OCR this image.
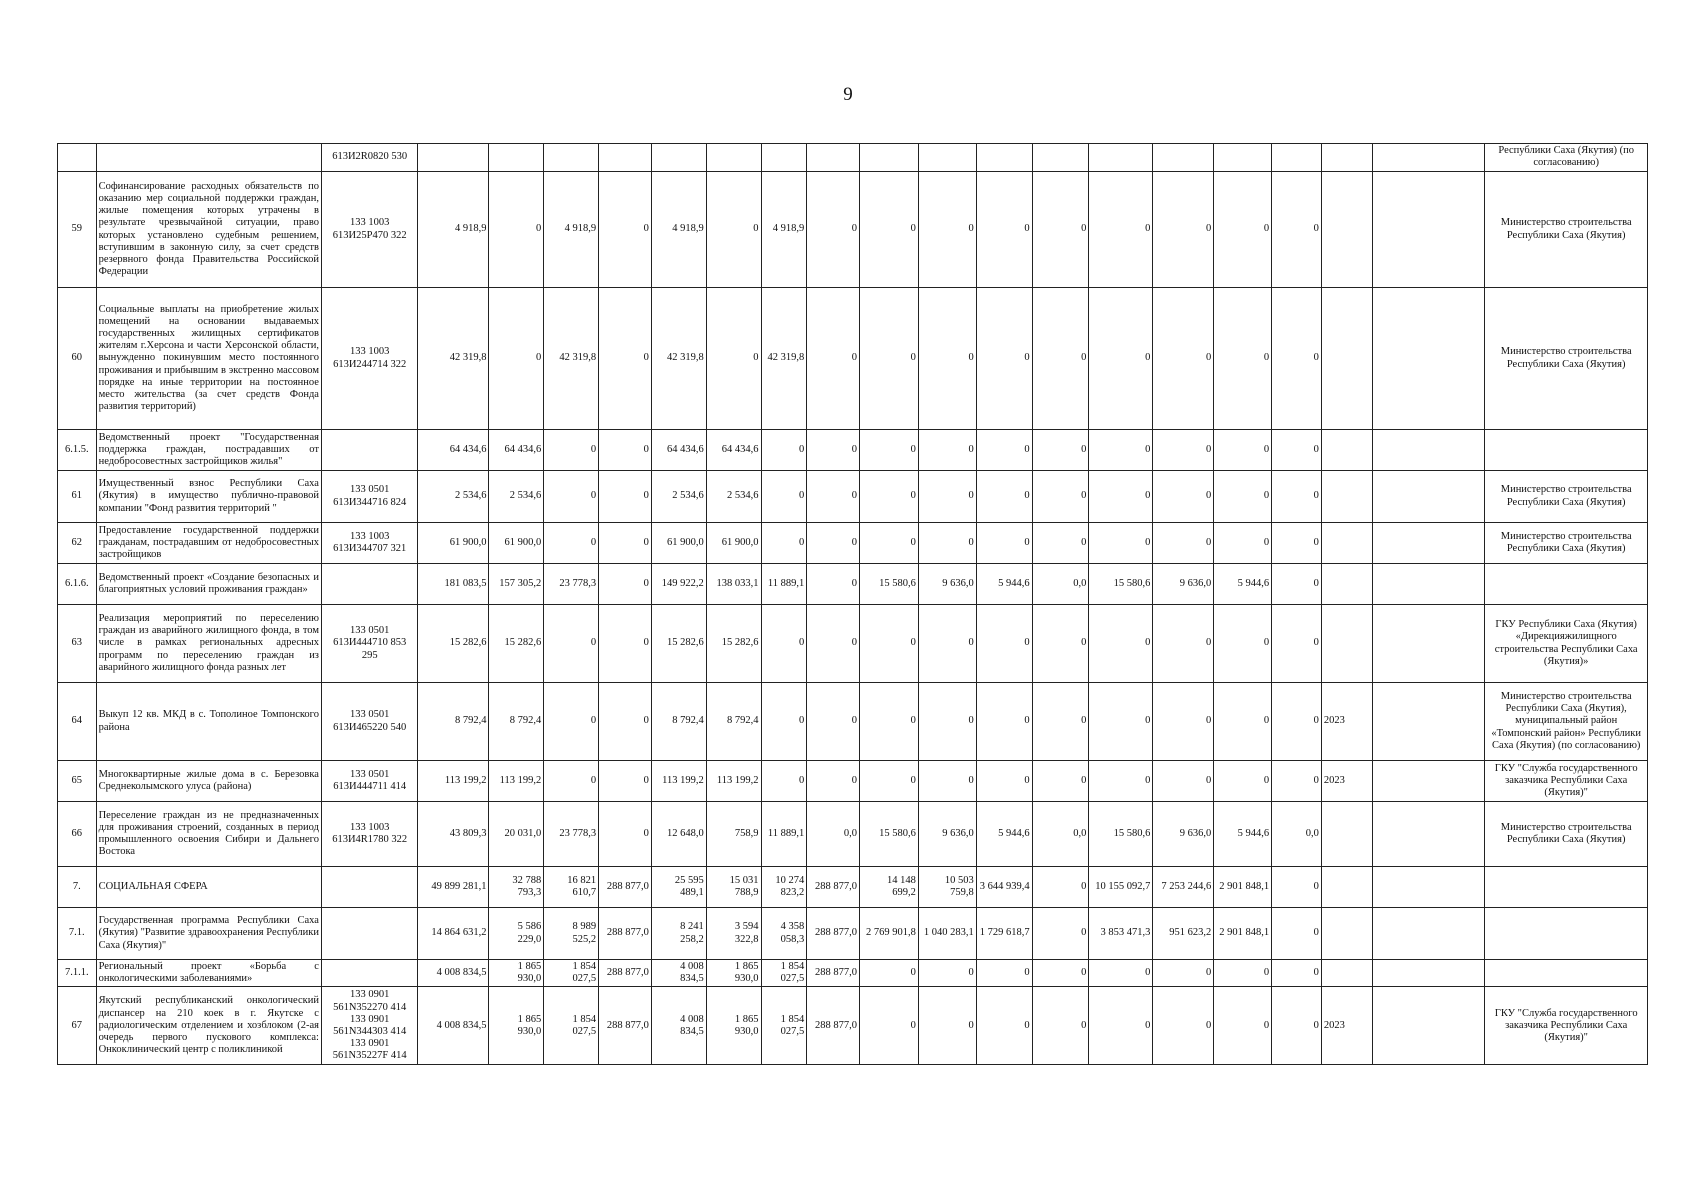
9
		613И2R0820 530																			Республики Саха (Якутия) (по согласованию)
59	Софинансирование расходных обязательств по оказанию мер социальной поддержки граждан, жилые помещения которых утрачены в результате чрезвычайной ситуации, право которых установлено судебным решением, вступившим в законную силу, за счет средств резервного фонда Правительства Российской Федерации	133 1003 613И25Р470 322	4 918,9	0	4 918,9	0	4 918,9	0	4 918,9	0	0	0	0	0	0	0	0	0			Министерство строительства Республики Саха (Якутия)
60	Социальные выплаты на приобретение жилых помещений на основании выдаваемых государственных жилищных сертификатов жителям г.Херсона и части Херсонской области, вынужденно покинувшим место постоянного проживания и прибывшим в экстренно массовом порядке на иные территории на постоянное место жительства (за счет средств Фонда развития территорий)	133 1003 613И244714 322	42 319,8	0	42 319,8	0	42 319,8	0	42 319,8	0	0	0	0	0	0	0	0	0			Министерство строительства Республики Саха (Якутия)
6.1.5.	Ведомственный проект "Государственная поддержка граждан, пострадавших от недобросовестных застройщиков жилья"		64 434,6	64 434,6	0	0	64 434,6	64 434,6	0	0	0	0	0	0	0	0	0	0			
61	Имущественный взнос Республики Саха (Якутия) в имущество публично-правовой компании "Фонд развития территорий "	133 0501 613И344716 824	2 534,6	2 534,6	0	0	2 534,6	2 534,6	0	0	0	0	0	0	0	0	0	0			Министерство строительства Республики Саха (Якутия)
62	Предоставление государственной поддержки гражданам, пострадавшим от недобросовестных застройщиков	133 1003 613И344707 321	61 900,0	61 900,0	0	0	61 900,0	61 900,0	0	0	0	0	0	0	0	0	0	0			Министерство строительства Республики Саха (Якутия)
6.1.6.	Ведомственный проект «Создание безопасных и благоприятных условий проживания граждан»		181 083,5	157 305,2	23 778,3	0	149 922,2	138 033,1	11 889,1	0	15 580,6	9 636,0	5 944,6	0,0	15 580,6	9 636,0	5 944,6	0			
63	Реализация мероприятий по переселению граждан из аварийного жилищного фонда, в том числе в рамках региональных адресных программ по переселению граждан из аварийного жилищного фонда разных лет	133 0501 613И444710 853 295	15 282,6	15 282,6	0	0	15 282,6	15 282,6	0	0	0	0	0	0	0	0	0	0			ГКУ Республики Саха (Якутия) «Дирекцияжилищного строительства Республики Саха (Якутия)»
64	Выкуп 12 кв. МКД в с. Тополиное Томпонского района	133 0501 613И465220 540	8 792,4	8 792,4	0	0	8 792,4	8 792,4	0	0	0	0	0	0	0	0	0	0	2023		Министерство строительства Республики Саха (Якутия), муниципальный район «Томпонский район» Республики Саха (Якутия) (по согласованию)
65	Многоквартирные жилые дома в с. Березовка Среднеколымского улуса (района)	133 0501 613И444711 414	113 199,2	113 199,2	0	0	113 199,2	113 199,2	0	0	0	0	0	0	0	0	0	0	2023		ГКУ "Служба государственного заказчика Республики Саха (Якутия)"
66	Переселение граждан из не предназначенных для проживания строений, созданных в период промышленного освоения Сибири и Дальнего Востока	133 1003 613И4R1780 322	43 809,3	20 031,0	23 778,3	0	12 648,0	758,9	11 889,1	0,0	15 580,6	9 636,0	5 944,6	0,0	15 580,6	9 636,0	5 944,6	0,0			Министерство строительства Республики Саха (Якутия)
7.	СОЦИАЛЬНАЯ СФЕРА		49 899 281,1	32 788 793,3	16 821 610,7	288 877,0	25 595 489,1	15 031 788,9	10 274 823,2	288 877,0	14 148 699,2	10 503 759,8	3 644 939,4	0	10 155 092,7	7 253 244,6	2 901 848,1	0			
7.1.	Государственная программа Республики Саха (Якутия) "Развитие здравоохранения Республики Саха (Якутия)"		14 864 631,2	5 586 229,0	8 989 525,2	288 877,0	8 241 258,2	3 594 322,8	4 358 058,3	288 877,0	2 769 901,8	1 040 283,1	1 729 618,7	0	3 853 471,3	951 623,2	2 901 848,1	0			
7.1.1.	Региональный проект «Борьба с онкологическими заболеваниями»		4 008 834,5	1 865 930,0	1 854 027,5	288 877,0	4 008 834,5	1 865 930,0	1 854 027,5	288 877,0	0	0	0	0	0	0	0	0			
67	Якутский республиканский онкологический диспансер на 210 коек в г. Якутске с радиологическим отделением и хозблоком (2-ая очередь первого пускового комплекса: Онкоклинический центр с поликлиникой	133 0901 561N352270 414 133 0901 561N344303 414 133 0901 561N35227F 414	4 008 834,5	1 865 930,0	1 854 027,5	288 877,0	4 008 834,5	1 865 930,0	1 854 027,5	288 877,0	0	0	0	0	0	0	0	0	2023		ГКУ "Служба государственного заказчика Республики Саха (Якутия)"
